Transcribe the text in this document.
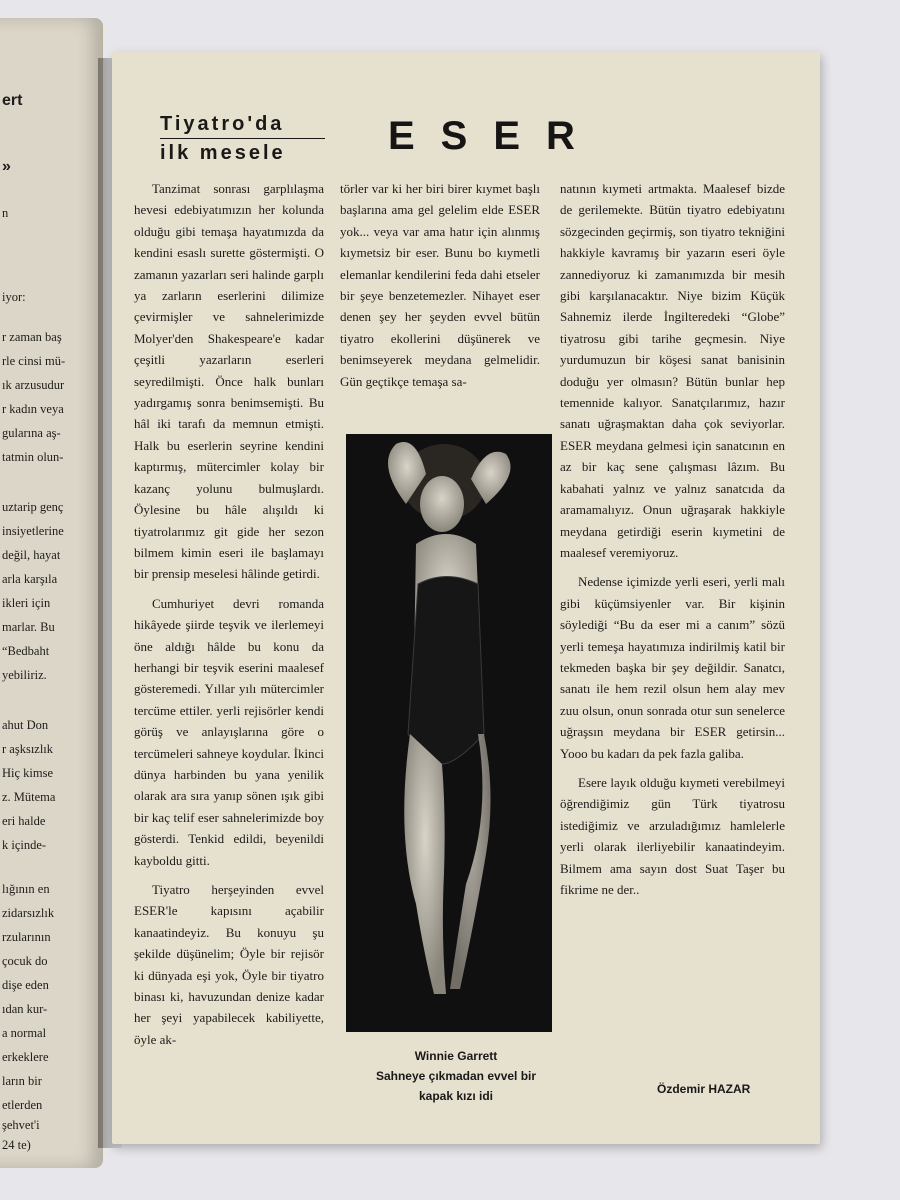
ert
»
n
iyor:
r zaman baş
rle cinsi mü-
ık arzusudur
r kadın veya
gularına aş-
tatmin olun-
uztarip genç
insiyetlerine
değil, hayat
arla karşıla
ikleri için
marlar. Bu
“Bedbaht
yebiliriz.
ahut Don
r aşksızlık
Hiç kimse
z. Mütema
eri halde
k içinde-
lığının en
zidarsızlık
rzularının
çocuk do
dişe eden
ıdan kur-
a normal
erkeklere
ların bir
etlerden
şehvet'i
24 te)
Tiyatro'da
ilk mesele	ESER

Tanzimat sonrası garplılaşma hevesi edebiyatımızın her kolunda olduğu gibi temaşa hayatımızda da kendini esaslı surette göstermişti. O zamanın yazarları seri halinde garplı ya zarların eserlerini dilimize çevirmişler ve sahnelerimizde Molyer'den Shakespeare'e kadar çeşitli yazarların eserleri seyredilmişti. Önce halk bunları yadırgamış sonra benimsemişti. Bu hâl iki tarafı da memnun etmişti. Halk bu eserlerin seyrine kendini kaptırmış, mütercimler kolay bir kazanç yolunu bulmuşlardı. Öylesine bu hâle alışıldı ki tiyatrolarımız git gide her sezon bilmem kimin eseri ile başlamayı bir prensip meselesi hâlinde getirdi.

Cumhuriyet devri romanda hikâyede şiirde teşvik ve ilerlemeyi öne aldığı hâlde bu konu da herhangi bir teşvik eserini maalesef gösteremedi. Yıllar yılı mütercimler tercüme ettiler. yerli rejisörler kendi görüş ve anlayışlarına göre o tercümeleri sahneye koydular. İkinci dünya harbinden bu yana yenilik olarak ara sıra yanıp sönen ışık gibi bir kaç telif eser sahnelerimizde boy gösterdi. Tenkid edildi, beyenildi kayboldu gitti.

Tiyatro herşeyinden evvel ESER'le kapısını açabilir kanaatindeyiz. Bu konuyu şu şekilde düşünelim; Öyle bir rejisör ki dünyada eşi yok, Öyle bir tiyatro binası ki, havuzundan denize kadar her şeyi yapabilecek kabiliyette, öyle ak-

törler var ki her biri birer kıymet başlı başlarına ama gel gelelim elde ESER yok... veya var ama hatır için alınmış kıymetsiz bir eser. Bunu bo kıymetli elemanlar kendilerini feda dahi etseler bir şeye benzetemezler. Nihayet eser denen şey her şeyden evvel bütün tiyatro ekollerini düşünerek ve benimseyerek meydana gelmelidir. Gün geçtikçe temaşa sa-

Winnie Garrett
Sahneye çıkmadan evvel bir
kapak kızı idi

natının kıymeti artmakta. Maalesef bizde de gerilemekte. Bütün tiyatro edebiyatını sözgecinden geçirmiş, son tiyatro tekniğini hakkiyle kavramış bir yazarın eseri öyle zannediyoruz ki zamanımızda bir mesih gibi karşılanacaktır. Niye bizim Küçük Sahnemiz ilerde İngilteredeki “Globe” tiyatrosu gibi tarihe geçmesin. Niye yurdumuzun bir köşesi sanat banisinin doduğu yer olmasın? Bütün bunlar hep temennide kalıyor. Sanatçılarımız, hazır sanatı uğraşmaktan daha çok seviyorlar. ESER meydana gelmesi için sanatcının en az bir kaç sene çalışması lâzım. Bu kabahati yalnız ve yalnız sanatcıda da aramamalıyız. Onun uğraşarak hakkiyle meydana getirdiği eserin kıymetini de maalesef veremiyoruz.

Nedense içimizde yerli eseri, yerli malı gibi küçümsiyenler var. Bir kişinin söylediği “Bu da eser mi a canım” sözü yerli temeşa hayatımıza indirilmiş katil bir tekmeden başka bir şey değildir. Sanatcı, sanatı ile hem rezil olsun hem alay mev zuu olsun, onun sonrada otur sun senelerce uğraşsın meydana bir ESER getirsin... Yooo bu kadarı da pek fazla galiba.

Esere layık olduğu kıymeti verebilmeyi öğrendiğimiz gün Türk tiyatrosu istediğimiz ve arzuladığımız hamlelerle yerli olarak ilerliyebilir kanaatindeyim. Bilmem ama sayın dost Suat Taşer bu fikrime ne der..

Özdemir HAZAR
